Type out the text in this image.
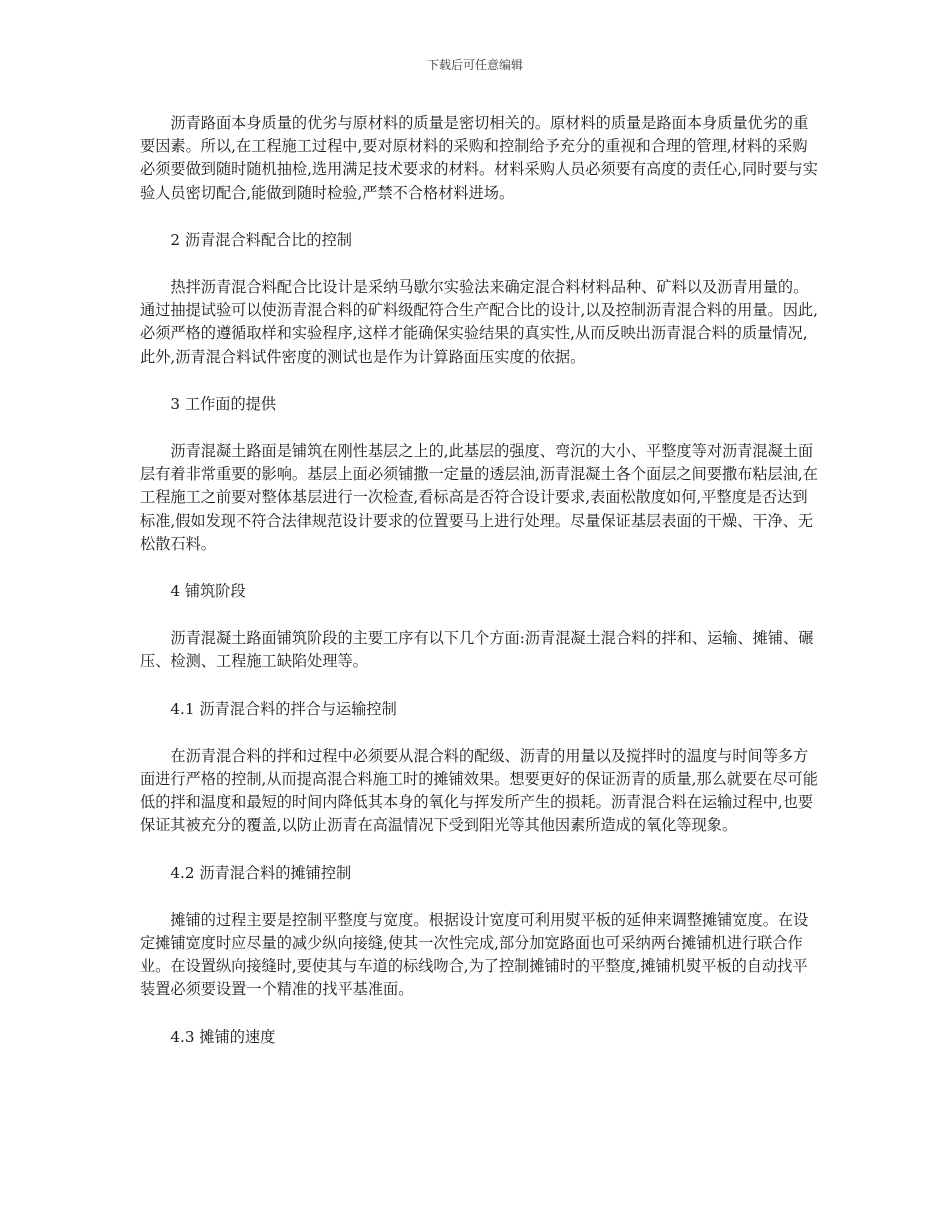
下载后可任意编辑

沥青路面本身质量的优劣与原材料的质量是密切相关的。原材料的质量是路面本身质量优劣的重要因素。所以,在工程施工过程中,要对原材料的采购和控制给予充分的重视和合理的管理,材料的采购必须要做到随时随机抽检,选用满足技术要求的材料。材料采购人员必须要有高度的责任心,同时要与实验人员密切配合,能做到随时检验,严禁不合格材料进场。

2 沥青混合料配合比的控制

热拌沥青混合料配合比设计是采纳马歇尔实验法来确定混合料材料品种、矿料以及沥青用量的。通过抽提试验可以使沥青混合料的矿料级配符合生产配合比的设计,以及控制沥青混合料的用量。因此,必须严格的遵循取样和实验程序,这样才能确保实验结果的真实性,从而反映出沥青混合料的质量情况,此外,沥青混合料试件密度的测试也是作为计算路面压实度的依据。

3 工作面的提供

沥青混凝土路面是铺筑在刚性基层之上的,此基层的强度、弯沉的大小、平整度等对沥青混凝土面层有着非常重要的影响。基层上面必须铺撒一定量的透层油,沥青混凝土各个面层之间要撒布粘层油,在工程施工之前要对整体基层进行一次检查,看标高是否符合设计要求,表面松散度如何,平整度是否达到标准,假如发现不符合法律规范设计要求的位置要马上进行处理。尽量保证基层表面的干燥、干净、无松散石料。

4 铺筑阶段

沥青混凝土路面铺筑阶段的主要工序有以下几个方面:沥青混凝土混合料的拌和、运输、摊铺、碾压、检测、工程施工缺陷处理等。

4.1 沥青混合料的拌合与运输控制

在沥青混合料的拌和过程中必须要从混合料的配级、沥青的用量以及搅拌时的温度与时间等多方面进行严格的控制,从而提高混合料施工时的摊铺效果。想要更好的保证沥青的质量,那么就要在尽可能低的拌和温度和最短的时间内降低其本身的氧化与挥发所产生的损耗。沥青混合料在运输过程中,也要保证其被充分的覆盖,以防止沥青在高温情况下受到阳光等其他因素所造成的氧化等现象。

4.2 沥青混合料的摊铺控制

摊铺的过程主要是控制平整度与宽度。根据设计宽度可利用熨平板的延伸来调整摊铺宽度。在设定摊铺宽度时应尽量的减少纵向接缝,使其一次性完成,部分加宽路面也可采纳两台摊铺机进行联合作业。在设置纵向接缝时,要使其与车道的标线吻合,为了控制摊铺时的平整度,摊铺机熨平板的自动找平装置必须要设置一个精准的找平基准面。

4.3 摊铺的速度
